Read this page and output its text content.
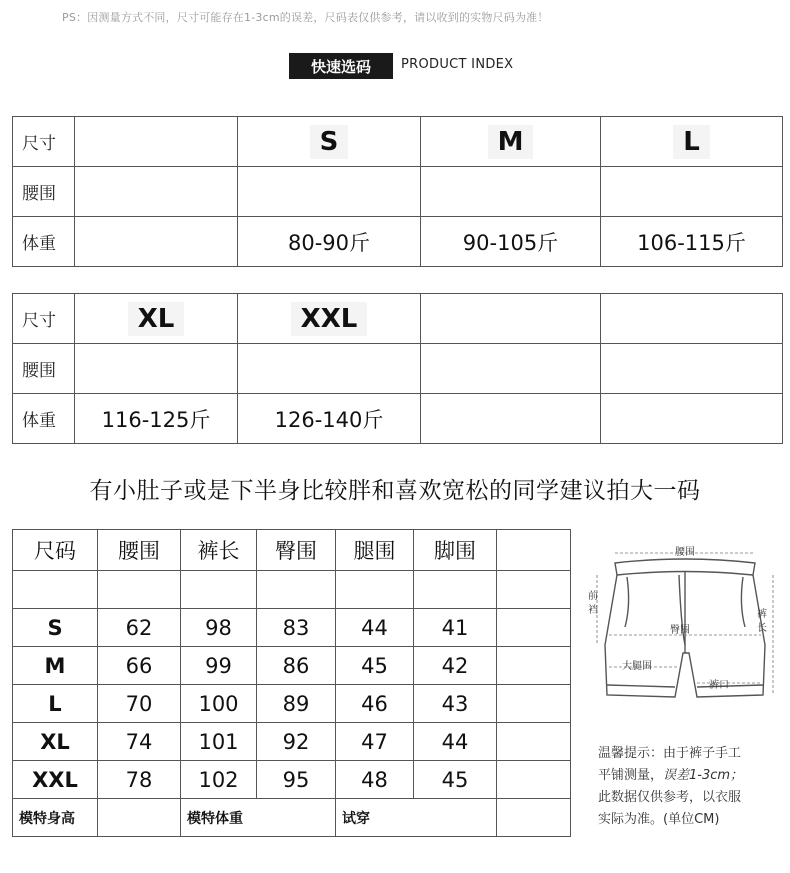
PS：因测量方式不同，尺寸可能存在1-3cm的误差，尺码表仅供参考，请以收到的实物尺码为准！
快速选码	PRODUCT INDEX
尺寸		S	M	L
腰围				
体重		80-90斤	90-105斤	106-115斤
尺寸	XL	XXL		
腰围				
体重	116-125斤	126-140斤		
有小肚子或是下半身比较胖和喜欢宽松的同学建议拍大一码
尺码	腰围	裤长	臀围	腿围	脚围	

S	62	98	83	44	41	
M	66	99	86	45	42	
L	70	100	89	46	43	
XL	74	101	92	47	44	
XXL	78	102	95	48	45	
模特身高		模特体重		试穿		
腰围
前
裆
臀围
裤
长
大腿围
裤口
温馨提示：由于裤子手工
平铺测量，误差1-3cm；
此数据仅供参考，以衣服
实际为准。(单位CM)
